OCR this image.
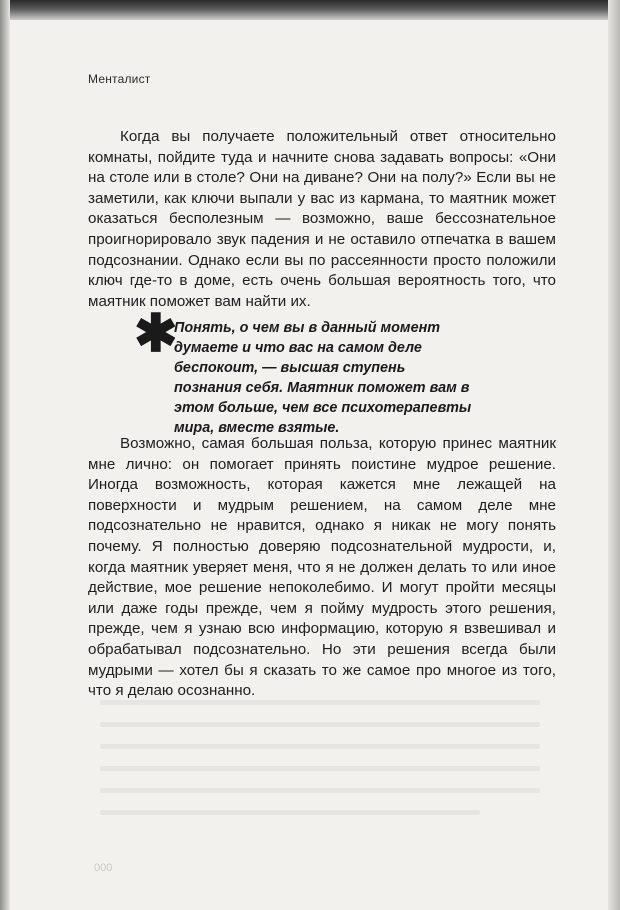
Менталист

Когда вы получаете положительный ответ относительно комнаты, пойдите туда и начните снова задавать вопросы: «Они на столе или в столе? Они на диване? Они на полу?» Если вы не заметили, как ключи выпали у вас из кармана, то маятник может оказаться бесполезным — возможно, ваше бессознательное проигнорировало звук падения и не оставило отпечатка в вашем подсознании. Однако если вы по рассеянности просто положили ключ где-то в доме, есть очень большая вероятность того, что маятник поможет вам найти их.

✱

Понять, о чем вы в данный момент думаете и что вас на самом деле беспокоит, — высшая ступень познания себя. Маятник поможет вам в этом больше, чем все психотерапевты мира, вместе взятые.

Возможно, самая большая польза, которую принес маятник мне лично: он помогает принять поистине мудрое решение. Иногда возможность, которая кажется мне лежащей на поверхности и мудрым решением, на самом деле мне подсознательно не нравится, однако я никак не могу понять почему. Я полностью доверяю подсознательной мудрости, и, когда маятник уверяет меня, что я не должен делать то или иное действие, мое решение непоколебимо. И могут пройти месяцы или даже годы прежде, чем я пойму мудрость этого решения, прежде, чем я узнаю всю информацию, которую я взвешивал и обрабатывал подсознательно. Но эти решения всегда были мудрыми — хотел бы я сказать то же самое про многое из того, что я делаю осознанно.

000
